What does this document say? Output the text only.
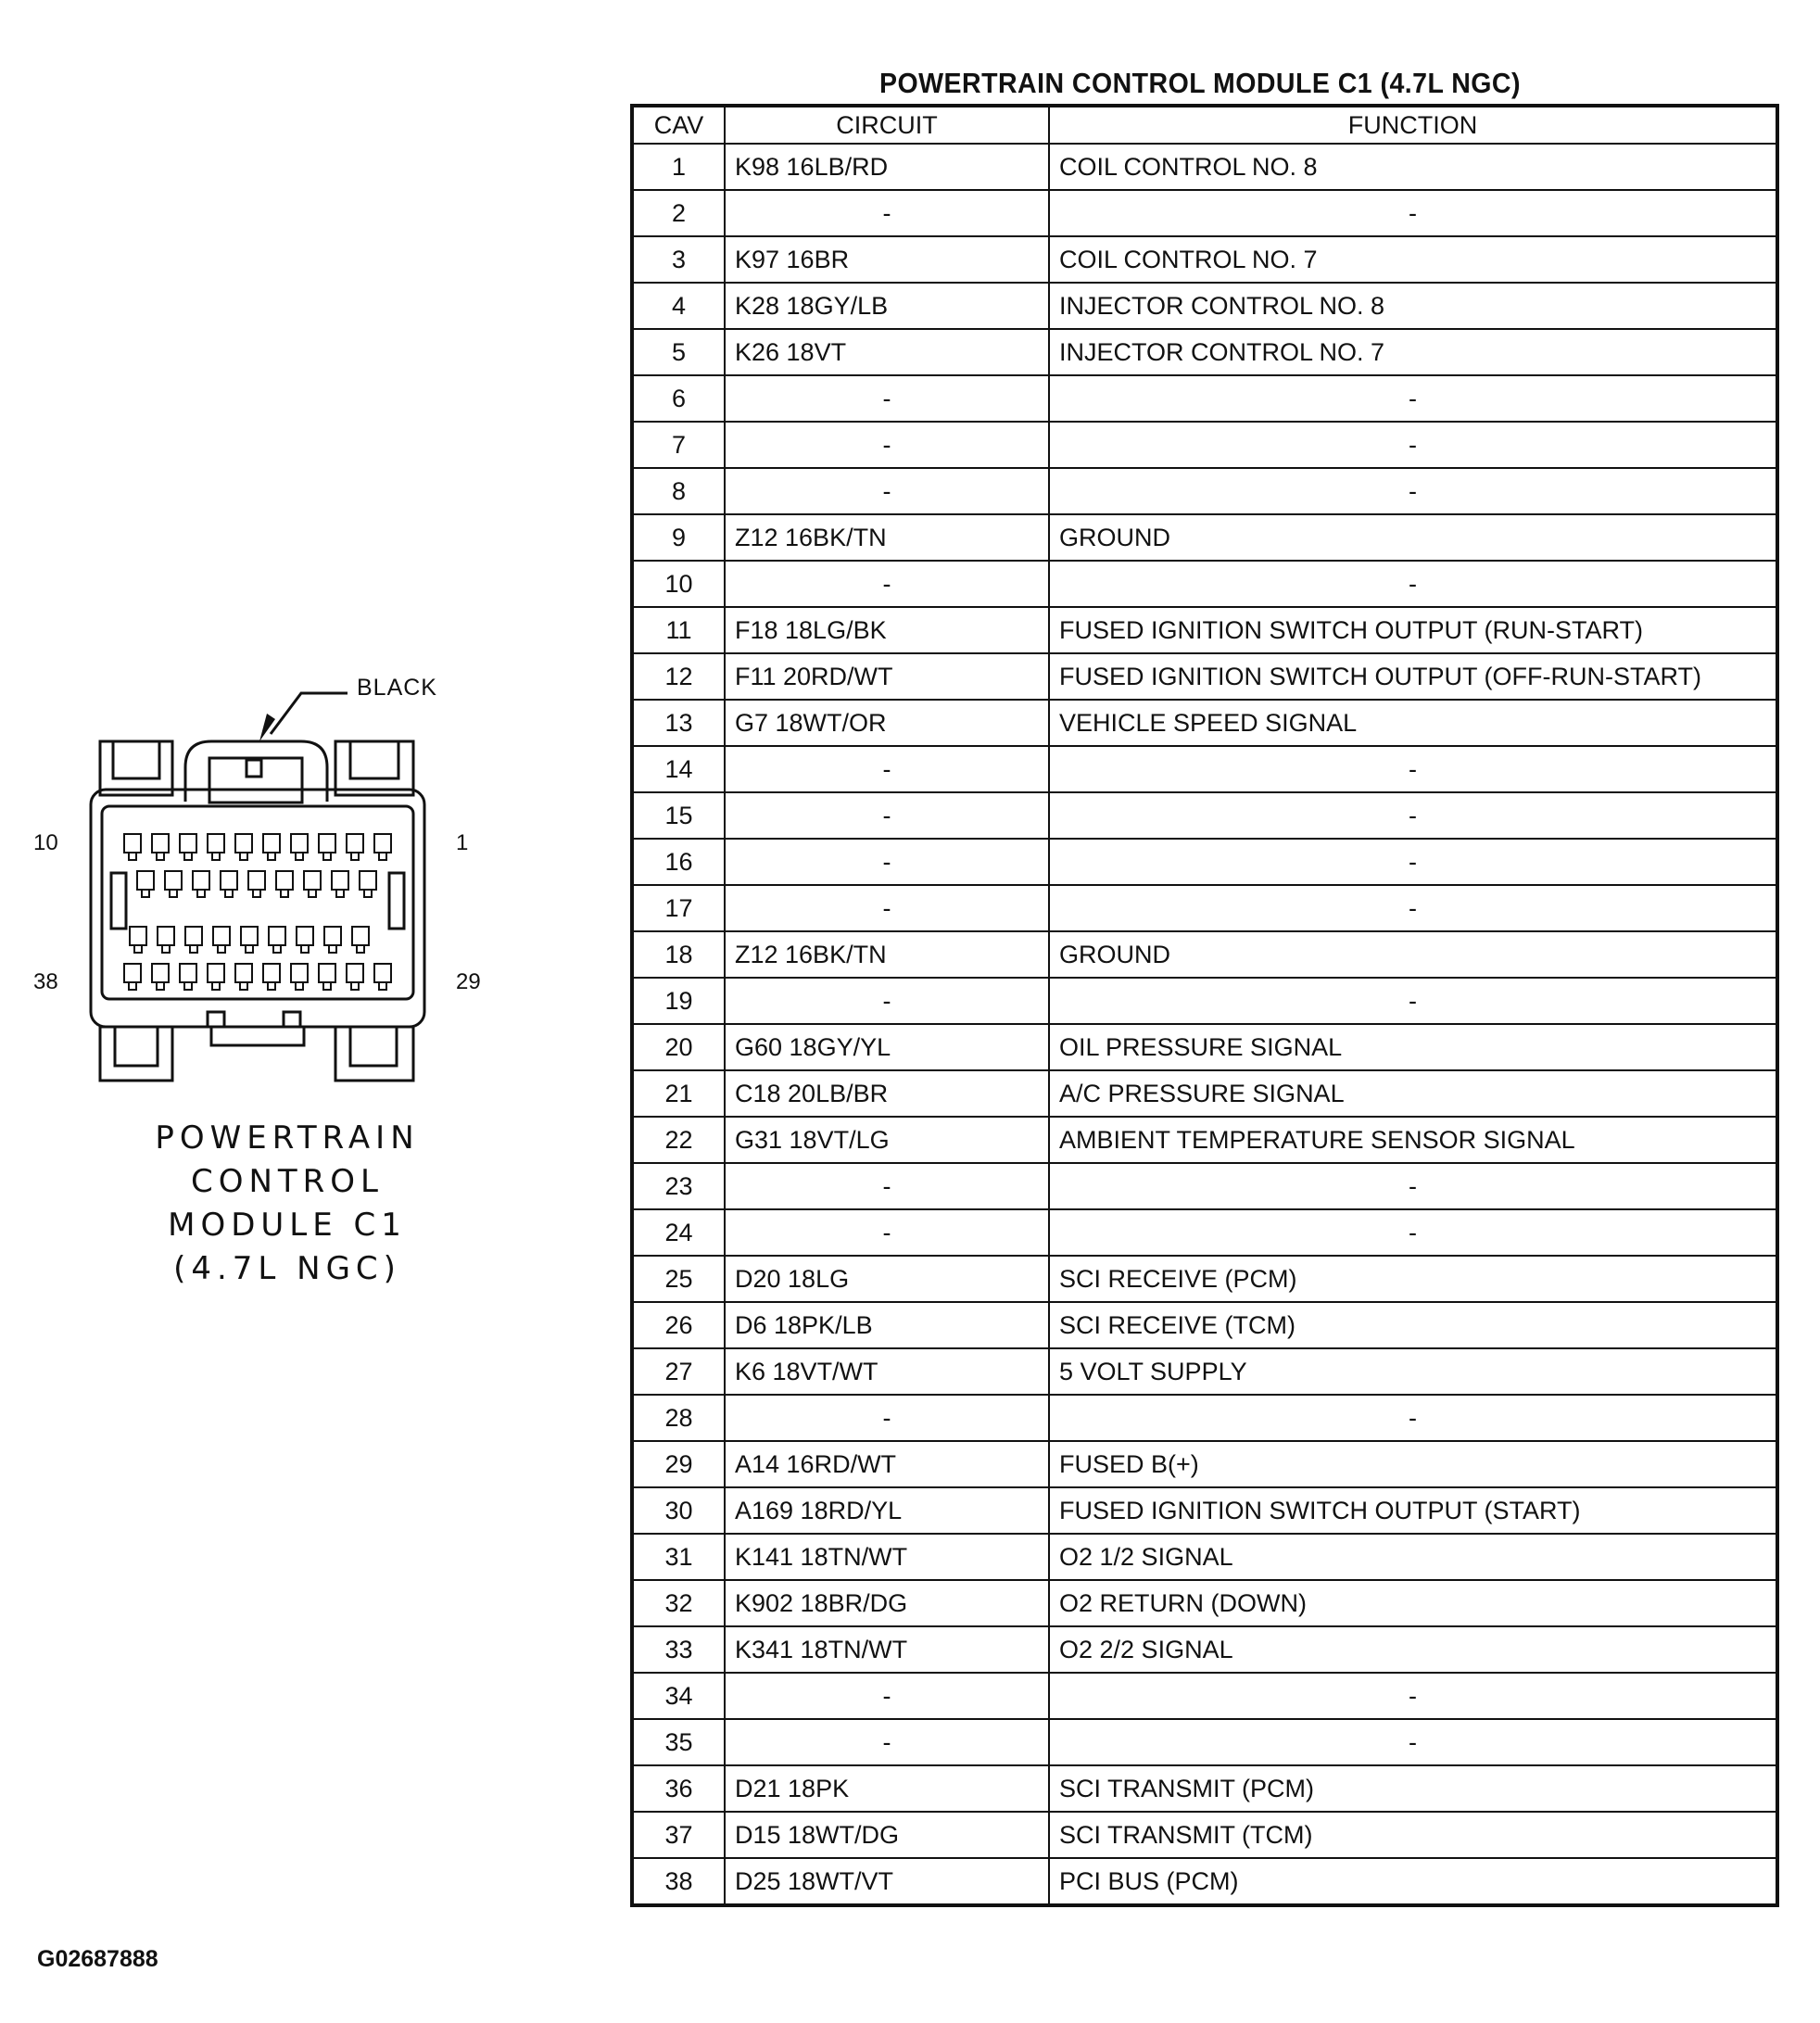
BLACK
10	1
38	29
POWERTRAIN
CONTROL
MODULE C1
(4.7L NGC)
POWERTRAIN CONTROL MODULE C1 (4.7L NGC)
CAV	CIRCUIT	FUNCTION
1	K98 16LB/RD	COIL CONTROL NO. 8
2	-	-
3	K97 16BR	COIL CONTROL NO. 7
4	K28 18GY/LB	INJECTOR CONTROL NO. 8
5	K26 18VT	INJECTOR CONTROL NO. 7
6	-	-
7	-	-
8	-	-
9	Z12 16BK/TN	GROUND
10	-	-
11	F18 18LG/BK	FUSED IGNITION SWITCH OUTPUT (RUN-START)
12	F11 20RD/WT	FUSED IGNITION SWITCH OUTPUT (OFF-RUN-START)
13	G7 18WT/OR	VEHICLE SPEED SIGNAL
14	-	-
15	-	-
16	-	-
17	-	-
18	Z12 16BK/TN	GROUND
19	-	-
20	G60 18GY/YL	OIL PRESSURE SIGNAL
21	C18 20LB/BR	A/C PRESSURE SIGNAL
22	G31 18VT/LG	AMBIENT TEMPERATURE SENSOR SIGNAL
23	-	-
24	-	-
25	D20 18LG	SCI RECEIVE (PCM)
26	D6 18PK/LB	SCI RECEIVE (TCM)
27	K6 18VT/WT	5 VOLT SUPPLY
28	-	-
29	A14 16RD/WT	FUSED B(+)
30	A169 18RD/YL	FUSED IGNITION SWITCH OUTPUT (START)
31	K141 18TN/WT	O2 1/2 SIGNAL
32	K902 18BR/DG	O2 RETURN (DOWN)
33	K341 18TN/WT	O2 2/2 SIGNAL
34	-	-
35	-	-
36	D21 18PK	SCI TRANSMIT (PCM)
37	D15 18WT/DG	SCI TRANSMIT (TCM)
38	D25 18WT/VT	PCI BUS (PCM)
G02687888
